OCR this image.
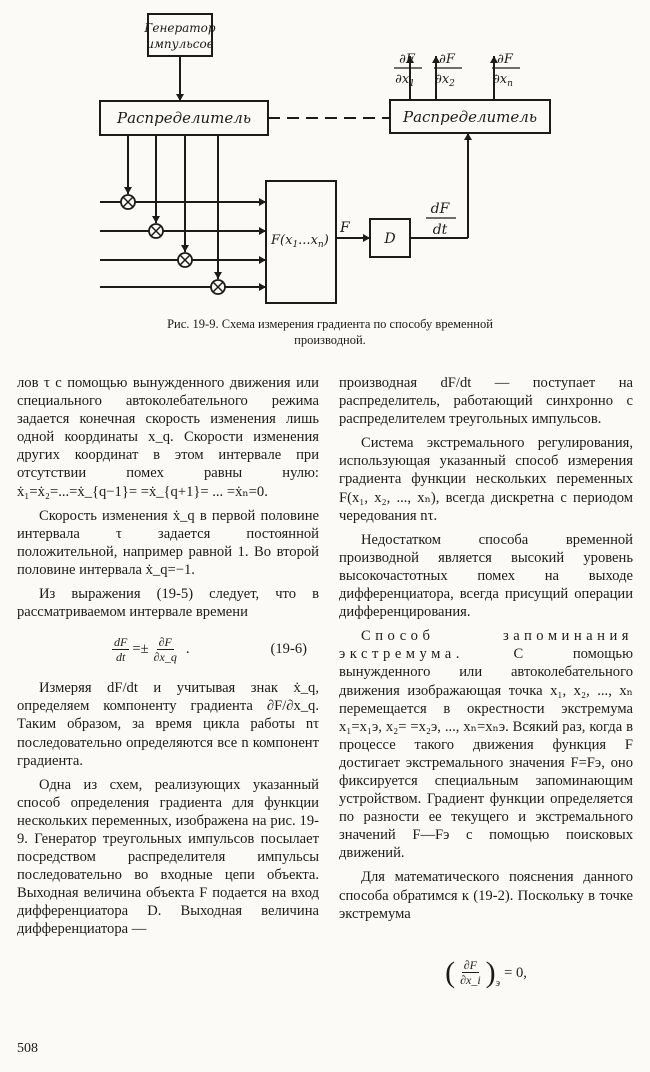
Генератор
импульсов
Распределитель	Распределитель
$F(x_1...x_n)$
F
D
dF
dt
∂F
$\partial x_1$
∂F
$\partial x_2$
∂F
$\partial x_n$
Рис. 19-9. Схема измерения градиента по способу временной
производной.

лов τ с помощью вынужденного движения или специального автоколебательного режима задается конечная скорость изменения лишь одной координаты x_q. Скорости изменения других координат в этом интервале при отсутствии помех равны нулю: ẋ₁=ẋ₂=...=ẋ_{q−1}= =ẋ_{q+1}= ... =ẋₙ=0.

Скорость изменения ẋ_q в первой половине интервала τ задается постоянной положительной, например равной 1. Во второй половине интервала ẋ_q=−1.

Из выражения (19-5) следует, что в рассматриваемом интервале времени

$\frac{dF}{dt} =\pm \frac{\partial F}{\partial x\_q}$ .	(19-6)

Измеряя dF/dt и учитывая знак ẋ_q, определяем компоненту градиента ∂F/∂x_q. Таким образом, за время цикла работы nτ последовательно определяются все n компонент градиента.

Одна из схем, реализующих указанный способ определения градиента для функции нескольких переменных, изображена на рис. 19-9. Генератор треугольных импульсов посылает посредством распределителя импульсы последовательно во входные цепи объекта. Выходная величина объекта F подается на вход дифференциатора D. Выходная величина дифференциатора —

производная dF/dt — поступает на распределитель, работающий синхронно с распределителем треугольных импульсов.

Система экстремального регулирования, использующая указанный способ измерения градиента функции нескольких переменных F(x₁, x₂, ..., xₙ), всегда дискретна с периодом чередования nτ.

Недостатком способа временной производной является высокий уровень высокочастотных помех на выходе дифференциатора, всегда присущий операции дифференцирования.

Способ запоминания экстремума.	С помощью вынужденного или автоколебательного движения изображающая точка x₁, x₂, ..., xₙ перемещается в окрестности экстремума x₁=x₁э, x₂= =x₂э, ..., xₙ=xₙэ. Всякий раз, когда в процессе такого движения функция F достигает экстремального значения F=Fэ, оно фиксируется специальным запоминающим устройством. Градиент функции определяется по разности ее текущего и экстремального значений F—Fэ с помощью поисковых движений.

Для математического пояснения данного способа обратимся к (19-2). Поскольку в точке экстремума

( $\frac{\partial F}{\partial x\_i}$ ) э
= 0,
508
